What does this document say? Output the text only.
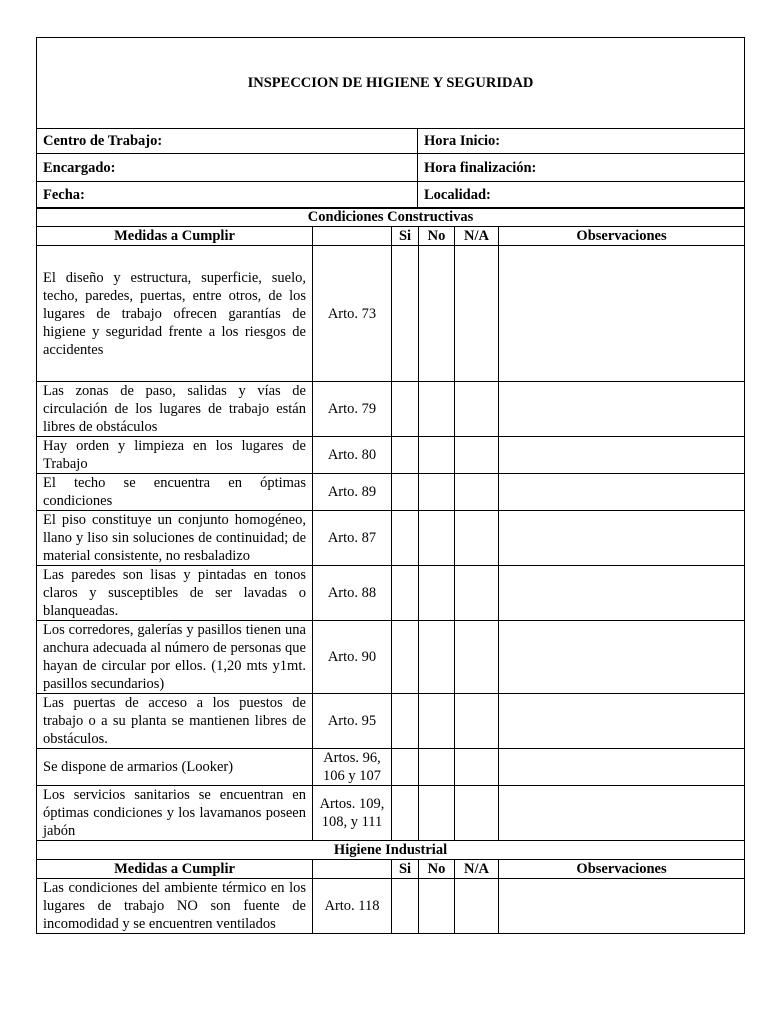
INSPECCION DE HIGIENE Y SEGURIDAD	
Centro de Trabajo:	Hora Inicio:
Encargado:	Hora finalización:
Fecha:	Localidad:
Condiciones Constructivas					
Medidas a Cumplir		Si	No	N/A	Observaciones
El diseño y estructura, superficie, suelo, techo, paredes, puertas, entre otros, de los lugares de trabajo ofrecen garantías de higiene y seguridad frente a los riesgos de accidentes	Arto. 73				
Las zonas de paso, salidas y vías de circulación de los lugares de trabajo están libres de obstáculos	Arto. 79				
Hay orden y limpieza en los lugares de Trabajo	Arto. 80				
El techo se encuentra en óptimas condiciones	Arto. 89				
El piso constituye un conjunto homogéneo, llano y liso sin soluciones de continuidad; de material consistente, no resbaladizo	Arto. 87				
Las paredes son lisas y pintadas en tonos claros y susceptibles de ser lavadas o blanqueadas.	Arto. 88				
Los corredores, galerías y pasillos tienen una anchura adecuada al número de personas que hayan de circular por ellos. (1,20 mts y1mt. pasillos secundarios)	Arto. 90				
Las puertas de acceso a los puestos de trabajo o a su planta se mantienen libres de obstáculos.	Arto. 95				
Se dispone de armarios (Looker)	Artos. 96, 106 y 107				
Los servicios sanitarios se encuentran en óptimas condiciones y los lavamanos poseen jabón	Artos. 109, 108, y 111				
Higiene Industrial					
Medidas a Cumplir		Si	No	N/A	Observaciones
Las condiciones del ambiente térmico en los lugares de trabajo NO son fuente de incomodidad y se encuentren ventilados	Arto. 118				
